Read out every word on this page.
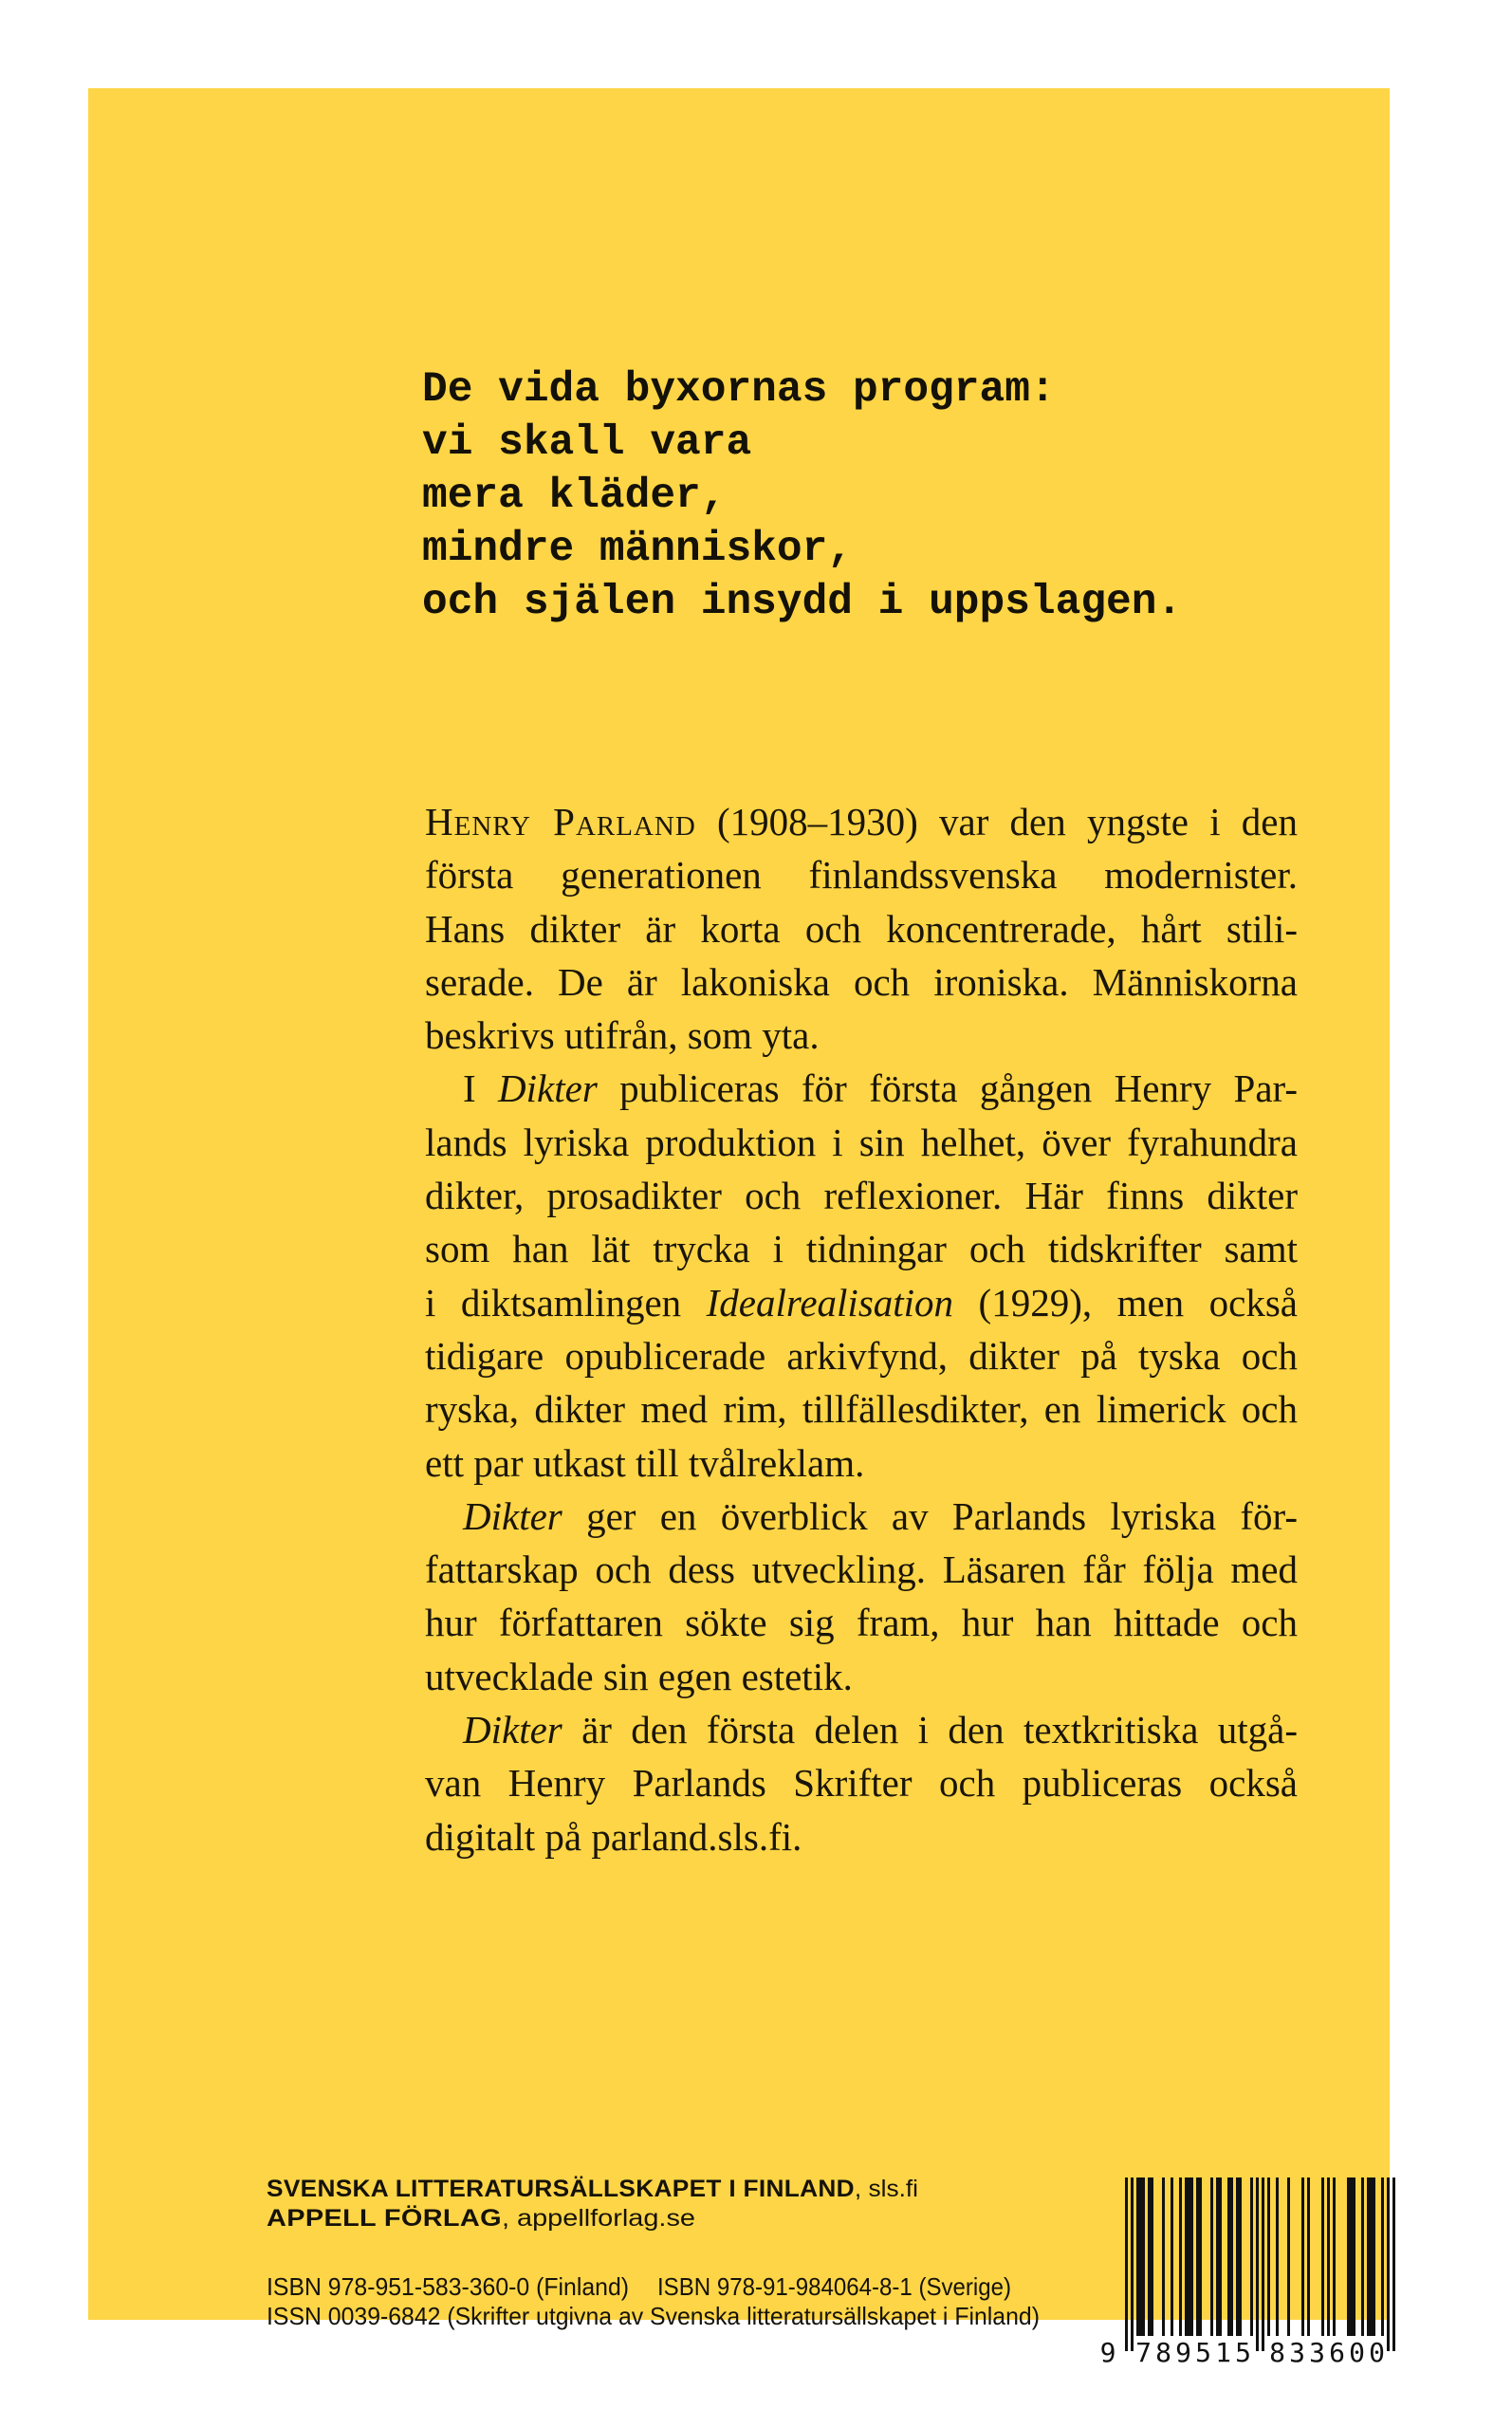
De vida byxornas program:
vi skall vara
mera kläder,
mindre människor,
och själen insydd i uppslagen.
Henry Parland (1908–1930) var den yngste i den
första generationen finlandssvenska modernister.
Hans dikter är korta och koncentrerade, hårt stili-
serade. De är lakoniska och ironiska. Människorna
beskrivs utifrån, som yta.
I Dikter publiceras för första gången Henry Par-
lands lyriska produktion i sin helhet, över fyrahundra
dikter, prosadikter och reflexioner. Här finns dikter
som han lät trycka i tidningar och tidskrifter samt
i diktsamlingen Idealrealisation (1929), men också
tidigare opublicerade arkivfynd, dikter på tyska och
ryska, dikter med rim, tillfällesdikter, en limerick och
ett par utkast till tvålreklam.
Dikter ger en överblick av Parlands lyriska för-
fattarskap och dess utveckling. Läsaren får följa med
hur författaren sökte sig fram, hur han hittade och
utvecklade sin egen estetik.
Dikter är den första delen i den textkritiska utgå-
van Henry Parlands Skrifter och publiceras också
digitalt på parland.sls.fi.
SVENSKA LITTERATURSÄLLSKAPET I FINLAND, sls.fi
APPELL FÖRLAG, appellforlag.se
ISBN 978-951-583-360-0 (Finland) ISBN 978-91-984064-8-1 (Sverige)
ISSN 0039-6842 (Skrifter utgivna av Svenska litteratursällskapet i Finland)
9 7 8 9 5 1 5 8 3 3 6 0 0
